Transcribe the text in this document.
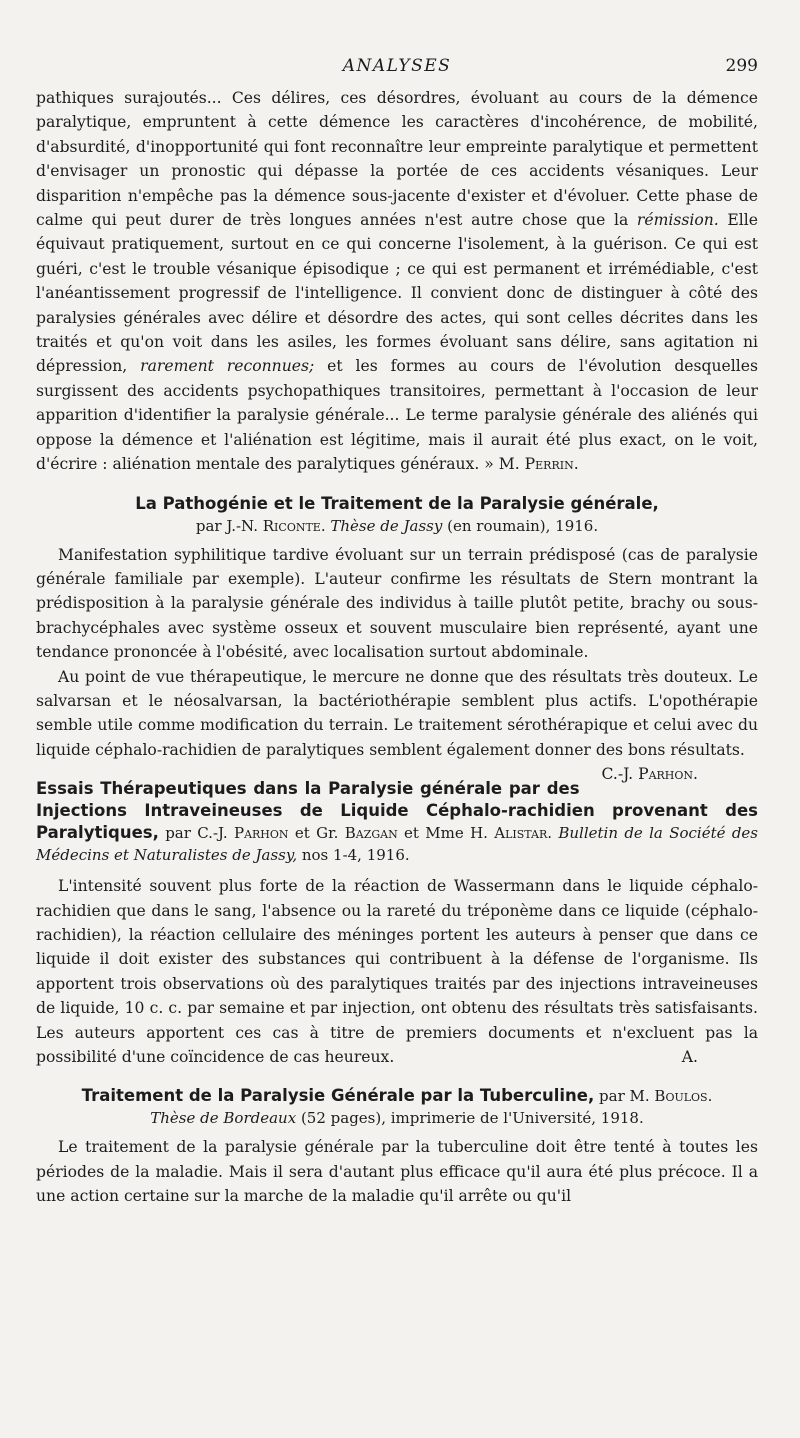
ANALYSES	299

pathiques surajoutés... Ces délires, ces désordres, évoluant au cours de la démence paralytique, empruntent à cette démence les caractères d'incohérence, de mobilité, d'absurdité, d'inopportunité qui font reconnaître leur empreinte paralytique et permettent d'envisager un pronostic qui dépasse la portée de ces accidents vésaniques. Leur disparition n'empêche pas la démence sous-jacente d'exister et d'évoluer. Cette phase de calme qui peut durer de très longues années n'est autre chose que la rémission. Elle équivaut pratiquement, surtout en ce qui concerne l'isolement, à la guérison. Ce qui est guéri, c'est le trouble vésanique épisodique ; ce qui est permanent et irrémédiable, c'est l'anéantissement progressif de l'intelligence. Il convient donc de distinguer à côté des paralysies générales avec délire et désordre des actes, qui sont celles décrites dans les traités et qu'on voit dans les asiles, les formes évoluant sans délire, sans agitation ni dépression, rarement reconnues; et les formes au cours de l'évolution desquelles surgissent des accidents psychopathiques transitoires, permettant à l'occasion de leur apparition d'identifier la paralysie générale... Le terme paralysie générale des aliénés qui oppose la démence et l'aliénation est légitime, mais il aurait été plus exact, on le voit, d'écrire : aliénation mentale des paralytiques généraux. » M. Perrin.

La Pathogénie et le Traitement de la Paralysie générale,

par J.-N. Riconte. Thèse de Jassy (en roumain), 1916.

Manifestation syphilitique tardive évoluant sur un terrain prédisposé (cas de paralysie générale familiale par exemple). L'auteur confirme les résultats de Stern montrant la prédisposition à la paralysie générale des individus à taille plutôt petite, brachy ou sous-brachycéphales avec système osseux et souvent musculaire bien représenté, ayant une tendance prononcée à l'obésité, avec localisation surtout abdominale.

Au point de vue thérapeutique, le mercure ne donne que des résultats très douteux. Le salvarsan et le néosalvarsan, la bactériothérapie semblent plus actifs. L'opothérapie semble utile comme modification du terrain. Le traitement sérothérapique et celui avec du liquide céphalo-rachidien de paralytiques semblent également donner des bons résultats.
C.-J. Parhon.

Essais Thérapeutiques dans la Paralysie générale par des Injections Intraveineuses de Liquide Céphalo-rachidien provenant des Paralytiques, par C.-J. Parhon et Gr. Bazgan et Mme H. Alistar. Bulletin de la Société des Médecins et Naturalistes de Jassy, nos 1-4, 1916.

L'intensité souvent plus forte de la réaction de Wassermann dans le liquide céphalo-rachidien que dans le sang, l'absence ou la rareté du tréponème dans ce liquide (céphalo-rachidien), la réaction cellulaire des méninges portent les auteurs à penser que dans ce liquide il doit exister des substances qui contribuent à la défense de l'organisme. Ils apportent trois observations où des paralytiques traités par des injections intraveineuses de liquide, 10 c. c. par semaine et par injection, ont obtenu des résultats très satisfaisants. Les auteurs apportent ces cas à titre de premiers documents et n'excluent pas la possibilité d'une coïncidence de cas heureux.	A.

Traitement de la Paralysie Générale par la Tuberculine, par M. Boulos.

Thèse de Bordeaux (52 pages), imprimerie de l'Université, 1918.

Le traitement de la paralysie générale par la tuberculine doit être tenté à toutes les périodes de la maladie. Mais il sera d'autant plus efficace qu'il aura été plus précoce. Il a une action certaine sur la marche de la maladie qu'il arrête ou qu'il
